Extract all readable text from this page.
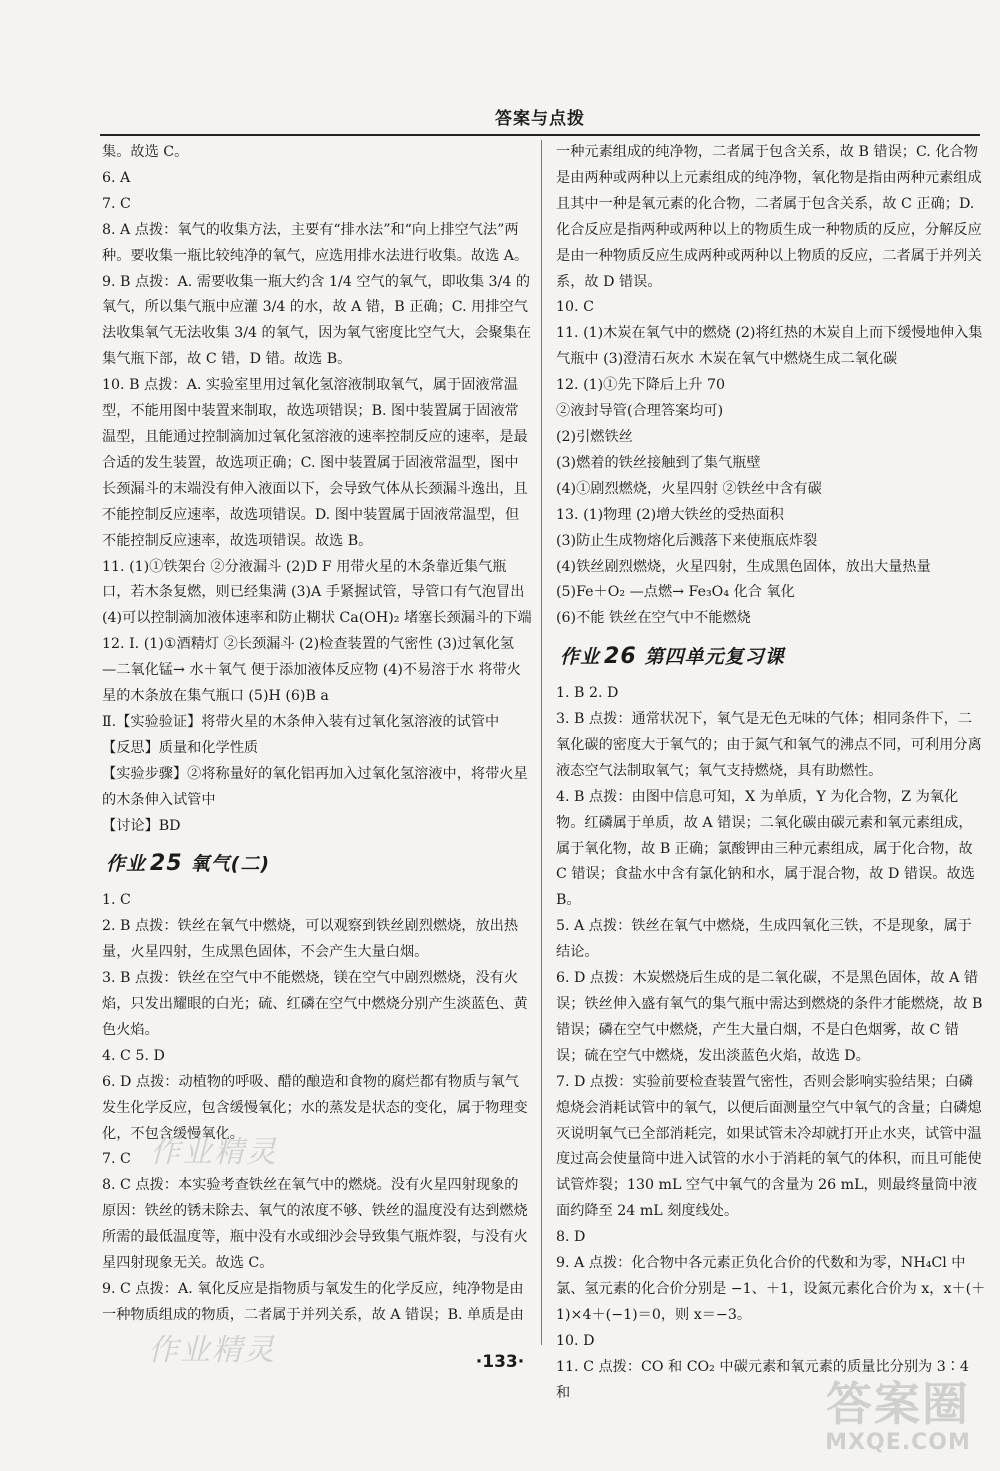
答案与点拨

集。故选 C。

6. A

7. C

8. A 点拨：氧气的收集方法，主要有“排水法”和“向上排空气法”两种。要收集一瓶比较纯净的氧气，应选用排水法进行收集。故选 A。

9. B 点拨：A. 需要收集一瓶大约含 1/4 空气的氧气，即收集 3/4 的氧气，所以集气瓶中应灌 3/4 的水，故 A 错，B 正确；C. 用排空气法收集氧气无法收集 3/4 的氧气，因为氧气密度比空气大，会聚集在集气瓶下部，故 C 错，D 错。故选 B。

10. B 点拨：A. 实验室里用过氧化氢溶液制取氧气，属于固液常温型，不能用图中装置来制取，故选项错误；B. 图中装置属于固液常温型，且能通过控制滴加过氧化氢溶液的速率控制反应的速率，是最合适的发生装置，故选项正确；C. 图中装置属于固液常温型，图中长颈漏斗的末端没有伸入液面以下，会导致气体从长颈漏斗逸出，且不能控制反应速率，故选项错误。D. 图中装置属于固液常温型，但不能控制反应速率，故选项错误。故选 B。

11. (1)①铁架台 ②分液漏斗 (2)D F 用带火星的木条靠近集气瓶口，若木条复燃，则已经集满 (3)A 手紧握试管，导管口有气泡冒出 (4)可以控制滴加液体速率和防止糊状 Ca(OH)₂ 堵塞长颈漏斗的下端

12. Ⅰ. (1)①酒精灯 ②长颈漏斗 (2)检查装置的气密性 (3)过氧化氢 —二氧化锰→ 水＋氧气 便于添加液体反应物 (4)不易溶于水 将带火星的木条放在集气瓶口 (5)H (6)B a

Ⅱ.【实验验证】将带火星的木条伸入装有过氧化氢溶液的试管中

【反思】质量和化学性质

【实验步骤】②将称量好的氧化铝再加入过氧化氢溶液中，将带火星的木条伸入试管中

【讨论】BD

作业 25 氧气(二)

1. C

2. B 点拨：铁丝在氧气中燃烧，可以观察到铁丝剧烈燃烧，放出热量，火星四射，生成黑色固体，不会产生大量白烟。

3. B 点拨：铁丝在空气中不能燃烧，镁在空气中剧烈燃烧，没有火焰，只发出耀眼的白光；硫、红磷在空气中燃烧分别产生淡蓝色、黄色火焰。

4. C 5. D

6. D 点拨：动植物的呼吸、醋的酿造和食物的腐烂都有物质与氧气发生化学反应，包含缓慢氧化；水的蒸发是状态的变化，属于物理变化，不包含缓慢氧化。

7. C

8. C 点拨：本实验考查铁丝在氧气中的燃烧。没有火星四射现象的原因：铁丝的锈未除去、氧气的浓度不够、铁丝的温度没有达到燃烧所需的最低温度等，瓶中没有水或细沙会导致集气瓶炸裂，与没有火星四射现象无关。故选 C。

9. C 点拨：A. 氧化反应是指物质与氧发生的化学反应，纯净物是由一种物质组成的物质，二者属于并列关系，故 A 错误；B. 单质是由

一种元素组成的纯净物，二者属于包含关系，故 B 错误；C. 化合物是由两种或两种以上元素组成的纯净物，氧化物是指由两种元素组成且其中一种是氧元素的化合物，二者属于包含关系，故 C 正确；D. 化合反应是指两种或两种以上的物质生成一种物质的反应，分解反应是由一种物质反应生成两种或两种以上物质的反应，二者属于并列关系，故 D 错误。

10. C

11. (1)木炭在氧气中的燃烧 (2)将红热的木炭自上而下缓慢地伸入集气瓶中 (3)澄清石灰水 木炭在氧气中燃烧生成二氧化碳

12. (1)①先下降后上升 70

②液封导管(合理答案均可)

(2)引燃铁丝

(3)燃着的铁丝接触到了集气瓶壁

(4)①剧烈燃烧，火星四射 ②铁丝中含有碳

13. (1)物理 (2)增大铁丝的受热面积

(3)防止生成物熔化后溅落下来使瓶底炸裂

(4)铁丝剧烈燃烧，火星四射，生成黑色固体，放出大量热量

(5)Fe＋O₂ —点燃→ Fe₃O₄ 化合 氧化

(6)不能 铁丝在空气中不能燃烧

作业 26 第四单元复习课

1. B 2. D

3. B 点拨：通常状况下，氧气是无色无味的气体；相同条件下，二氧化碳的密度大于氧气的；由于氮气和氧气的沸点不同，可利用分离液态空气法制取氧气；氧气支持燃烧，具有助燃性。

4. B 点拨：由图中信息可知，X 为单质，Y 为化合物，Z 为氧化物。红磷属于单质，故 A 错误；二氧化碳由碳元素和氧元素组成，属于氧化物，故 B 正确；氯酸钾由三种元素组成，属于化合物，故 C 错误；食盐水中含有氯化钠和水，属于混合物，故 D 错误。故选 B。

5. A 点拨：铁丝在氧气中燃烧，生成四氧化三铁，不是现象，属于结论。

6. D 点拨：木炭燃烧后生成的是二氧化碳，不是黑色固体，故 A 错误；铁丝伸入盛有氧气的集气瓶中需达到燃烧的条件才能燃烧，故 B 错误；磷在空气中燃烧，产生大量白烟，不是白色烟雾，故 C 错误；硫在空气中燃烧，发出淡蓝色火焰，故选 D。

7. D 点拨：实验前要检查装置气密性，否则会影响实验结果；白磷熄烧会消耗试管中的氧气，以便后面测量空气中氧气的含量；白磷熄灭说明氧气已全部消耗完，如果试管未冷却就打开止水夹，试管中温度过高会使量筒中进入试管的水小于消耗的氧气的体积，而且可能使试管炸裂；130 mL 空气中氧气的含量为 26 mL，则最终量筒中液面约降至 24 mL 刻度线处。

8. D

9. A 点拨：化合物中各元素正负化合价的代数和为零，NH₄Cl 中氯、氢元素的化合价分别是 −1、＋1，设氮元素化合价为 x，x＋(＋1)×4＋(−1)＝0，则 x＝−3。

10. D

11. C 点拨：CO 和 CO₂ 中碳元素和氧元素的质量比分别为 3∶4 和

·133·
作业精灵
作业精灵
答案圈
MXQE.COM
